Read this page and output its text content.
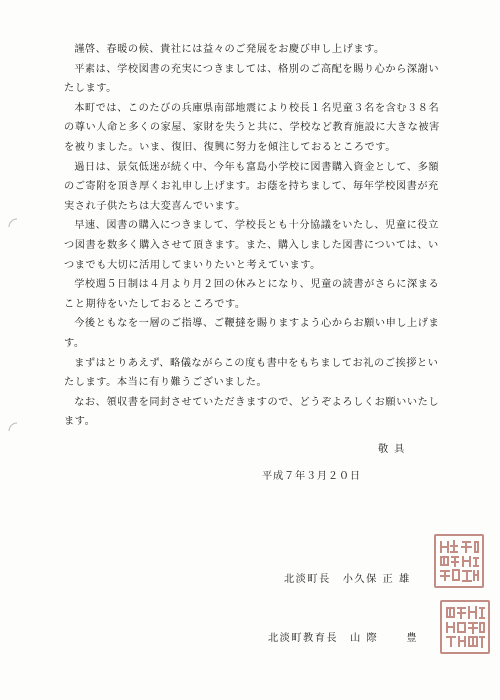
謹啓、春暖の候、貴社には益々のご発展をお慶び申し上げます。

平素は、学校図書の充実につきましては、格別のご高配を賜り心から深謝いたします。

本町では、このたびの兵庫県南部地震により校長１名児童３名を含む３８名の尊い人命と多くの家屋、家財を失うと共に、学校など教育施設に大きな被害を被りました。いま、復旧、復興に努力を傾注しておるところです。

過日は、景気低迷が続く中、今年も富島小学校に図書購入資金として、多額のご寄附を頂き厚くお礼申し上げます。お蔭を持ちまして、毎年学校図書が充実され子供たちは大変喜んでいます。

早速、図書の購入につきまして、学校長とも十分協議をいたし、児童に役立つ図書を数多く購入させて頂きます。また、購入しました図書については、いつまでも大切に活用してまいりたいと考えています。

学校週５日制は４月より月２回の休みとになり、児童の読書がさらに深まること期待をいたしておるところです。

今後ともなを一層のご指導、ご鞭撻を賜りますよう心からお願い申し上げます。

まずはとりあえず、略儀ながらこの度も書中をもちましてお礼のご挨拶といたします。本当に有り難うございました。

なお、領収書を同封させていただきますので、どうぞよろしくお願いいたします。

敬具
平成７年３月２０日
北淡町長 小久保 正 雄
北淡町教育長 山 際　　 豊
